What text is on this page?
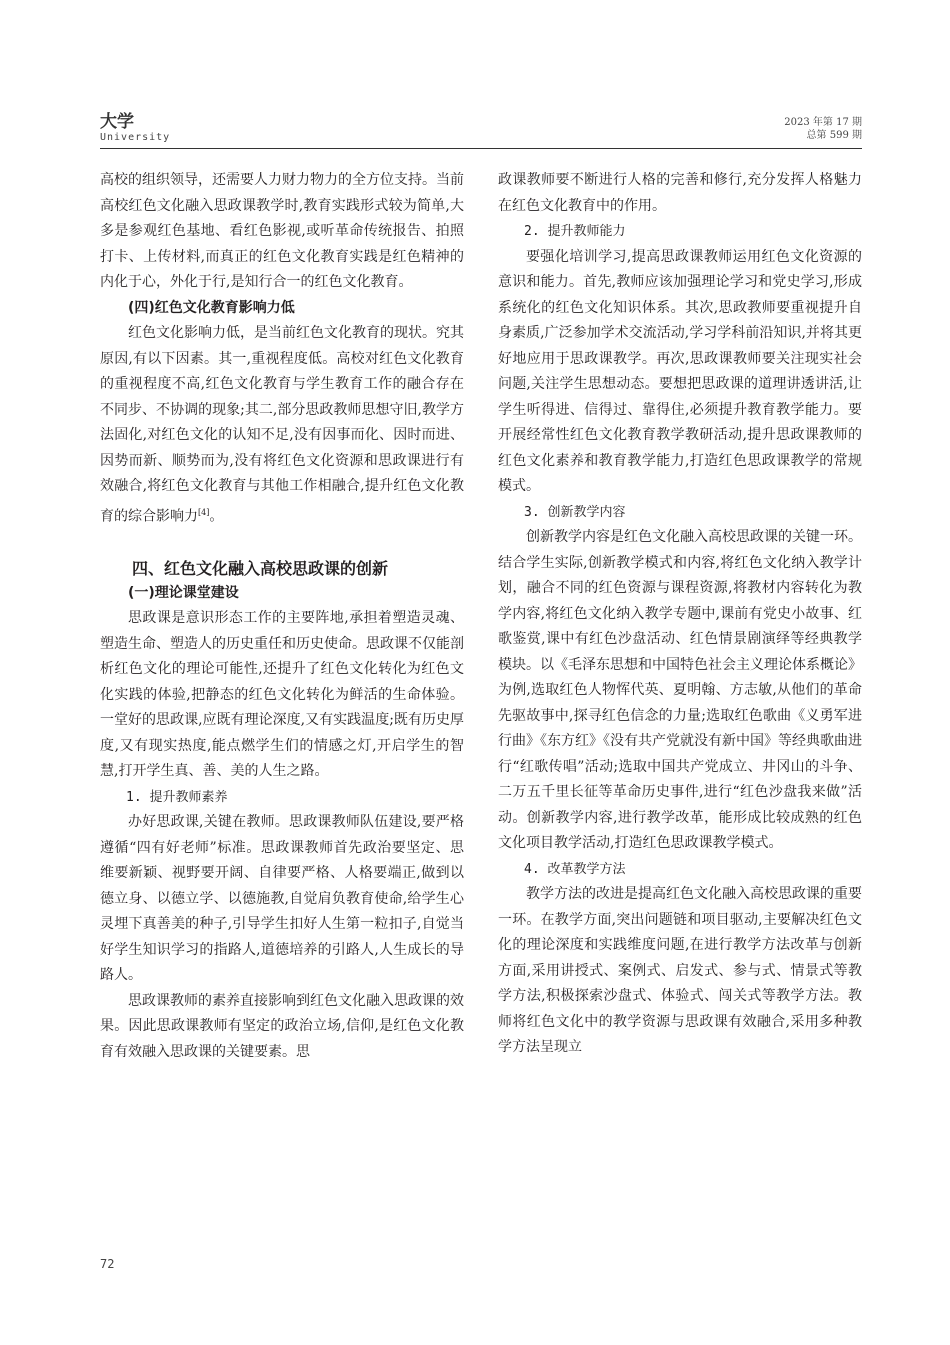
大学
University
2023 年第 17 期
总第 599 期

高校的组织领导，还需要人力财力物力的全方位支持。当前高校红色文化融入思政课教学时,教育实践形式较为简单,大多是参观红色基地、看红色影视,或听革命传统报告、拍照打卡、上传材料,而真正的红色文化教育实践是红色精神的内化于心，外化于行,是知行合一的红色文化教育。

(四)红色文化教育影响力低

红色文化影响力低，是当前红色文化教育的现状。究其原因,有以下因素。其一,重视程度低。高校对红色文化教育的重视程度不高,红色文化教育与学生教育工作的融合存在不同步、不协调的现象;其二,部分思政教师思想守旧,教学方法固化,对红色文化的认知不足,没有因事而化、因时而进、因势而新、顺势而为,没有将红色文化资源和思政课进行有效融合,将红色文化教育与其他工作相融合,提升红色文化教育的综合影响力[4]。

四、红色文化融入高校思政课的创新

(一)理论课堂建设

思政课是意识形态工作的主要阵地,承担着塑造灵魂、塑造生命、塑造人的历史重任和历史使命。思政课不仅能剖析红色文化的理论可能性,还提升了红色文化转化为红色文化实践的体验,把静态的红色文化转化为鲜活的生命体验。一堂好的思政课,应既有理论深度,又有实践温度;既有历史厚度,又有现实热度,能点燃学生们的情感之灯,开启学生的智慧,打开学生真、善、美的人生之路。

1. 提升教师素养

办好思政课,关键在教师。思政课教师队伍建设,要严格遵循“四有好老师”标准。思政课教师首先政治要坚定、思维要新颖、视野要开阔、自律要严格、人格要端正,做到以德立身、以德立学、以德施教,自觉肩负教育使命,给学生心灵埋下真善美的种子,引导学生扣好人生第一粒扣子,自觉当好学生知识学习的指路人,道德培养的引路人,人生成长的导路人。

思政课教师的素养直接影响到红色文化融入思政课的效果。因此思政课教师有坚定的政治立场,信仰,是红色文化教育有效融入思政课的关键要素。思

政课教师要不断进行人格的完善和修行,充分发挥人格魅力在红色文化教育中的作用。

2. 提升教师能力

要强化培训学习,提高思政课教师运用红色文化资源的意识和能力。首先,教师应该加强理论学习和党史学习,形成系统化的红色文化知识体系。其次,思政教师要重视提升自身素质,广泛参加学术交流活动,学习学科前沿知识,并将其更好地应用于思政课教学。再次,思政课教师要关注现实社会问题,关注学生思想动态。要想把思政课的道理讲透讲活,让学生听得进、信得过、靠得住,必须提升教育教学能力。要开展经常性红色文化教育教学教研活动,提升思政课教师的红色文化素养和教育教学能力,打造红色思政课教学的常规模式。

3. 创新教学内容

创新教学内容是红色文化融入高校思政课的关键一环。结合学生实际,创新教学模式和内容,将红色文化纳入教学计划，融合不同的红色资源与课程资源,将教材内容转化为教学内容,将红色文化纳入教学专题中,课前有党史小故事、红歌鉴赏,课中有红色沙盘活动、红色情景剧演绎等经典教学模块。以《毛泽东思想和中国特色社会主义理论体系概论》为例,选取红色人物恽代英、夏明翰、方志敏,从他们的革命先驱故事中,探寻红色信念的力量;选取红色歌曲《义勇军进行曲》《东方红》《没有共产党就没有新中国》等经典歌曲进行“红歌传唱”活动;选取中国共产党成立、井冈山的斗争、二万五千里长征等革命历史事件,进行“红色沙盘我来做”活动。创新教学内容,进行教学改革，能形成比较成熟的红色文化项目教学活动,打造红色思政课教学模式。

4. 改革教学方法

教学方法的改进是提高红色文化融入高校思政课的重要一环。在教学方面,突出问题链和项目驱动,主要解决红色文化的理论深度和实践维度问题,在进行教学方法改革与创新方面,采用讲授式、案例式、启发式、参与式、情景式等教学方法,积极探索沙盘式、体验式、闯关式等教学方法。教师将红色文化中的教学资源与思政课有效融合,采用多种教学方法呈现立

72
